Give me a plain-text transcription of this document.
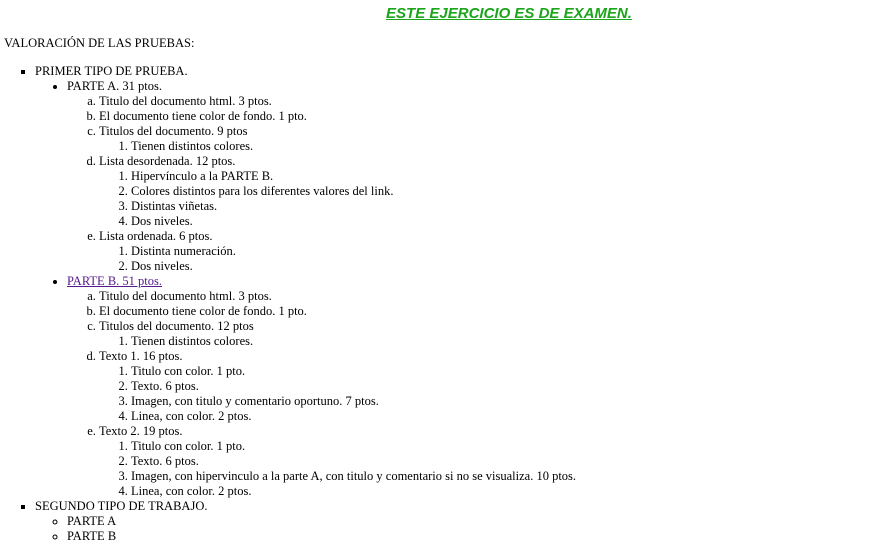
ESTE EJERCICIO ES DE EXAMEN.
VALORACIÓN DE LAS PRUEBAS:
▪ PRIMER TIPO DE PRUEBA.
• PARTE A. 31 ptos.
a. Titulo del documento html. 3 ptos.
b. El documento tiene color de fondo. 1 pto.
c. Titulos del documento. 9 ptos
1. Tienen distintos colores.
d. Lista desordenada. 12 ptos.
1. Hipervínculo a la PARTE B.
2. Colores distintos para los diferentes valores del link.
3. Distintas viñetas.
4. Dos niveles.
e. Lista ordenada. 6 ptos.
1. Distinta numeración.
2. Dos niveles.
• PARTE B. 51 ptos.
a. Titulo del documento html. 3 ptos.
b. El documento tiene color de fondo. 1 pto.
c. Titulos del documento. 12 ptos
1. Tienen distintos colores.
d. Texto 1. 16 ptos.
1. Titulo con color. 1 pto.
2. Texto. 6 ptos.
3. Imagen, con titulo y comentario oportuno. 7 ptos.
4. Linea, con color. 2 ptos.
e. Texto 2. 19 ptos.
1. Titulo con color. 1 pto.
2. Texto. 6 ptos.
3. Imagen, con hipervinculo a la parte A, con titulo y comentario si no se visualiza. 10 ptos.
4. Linea, con color. 2 ptos.
▪ SEGUNDO TIPO DE TRABAJO.
◦ PARTE A
◦ PARTE B
